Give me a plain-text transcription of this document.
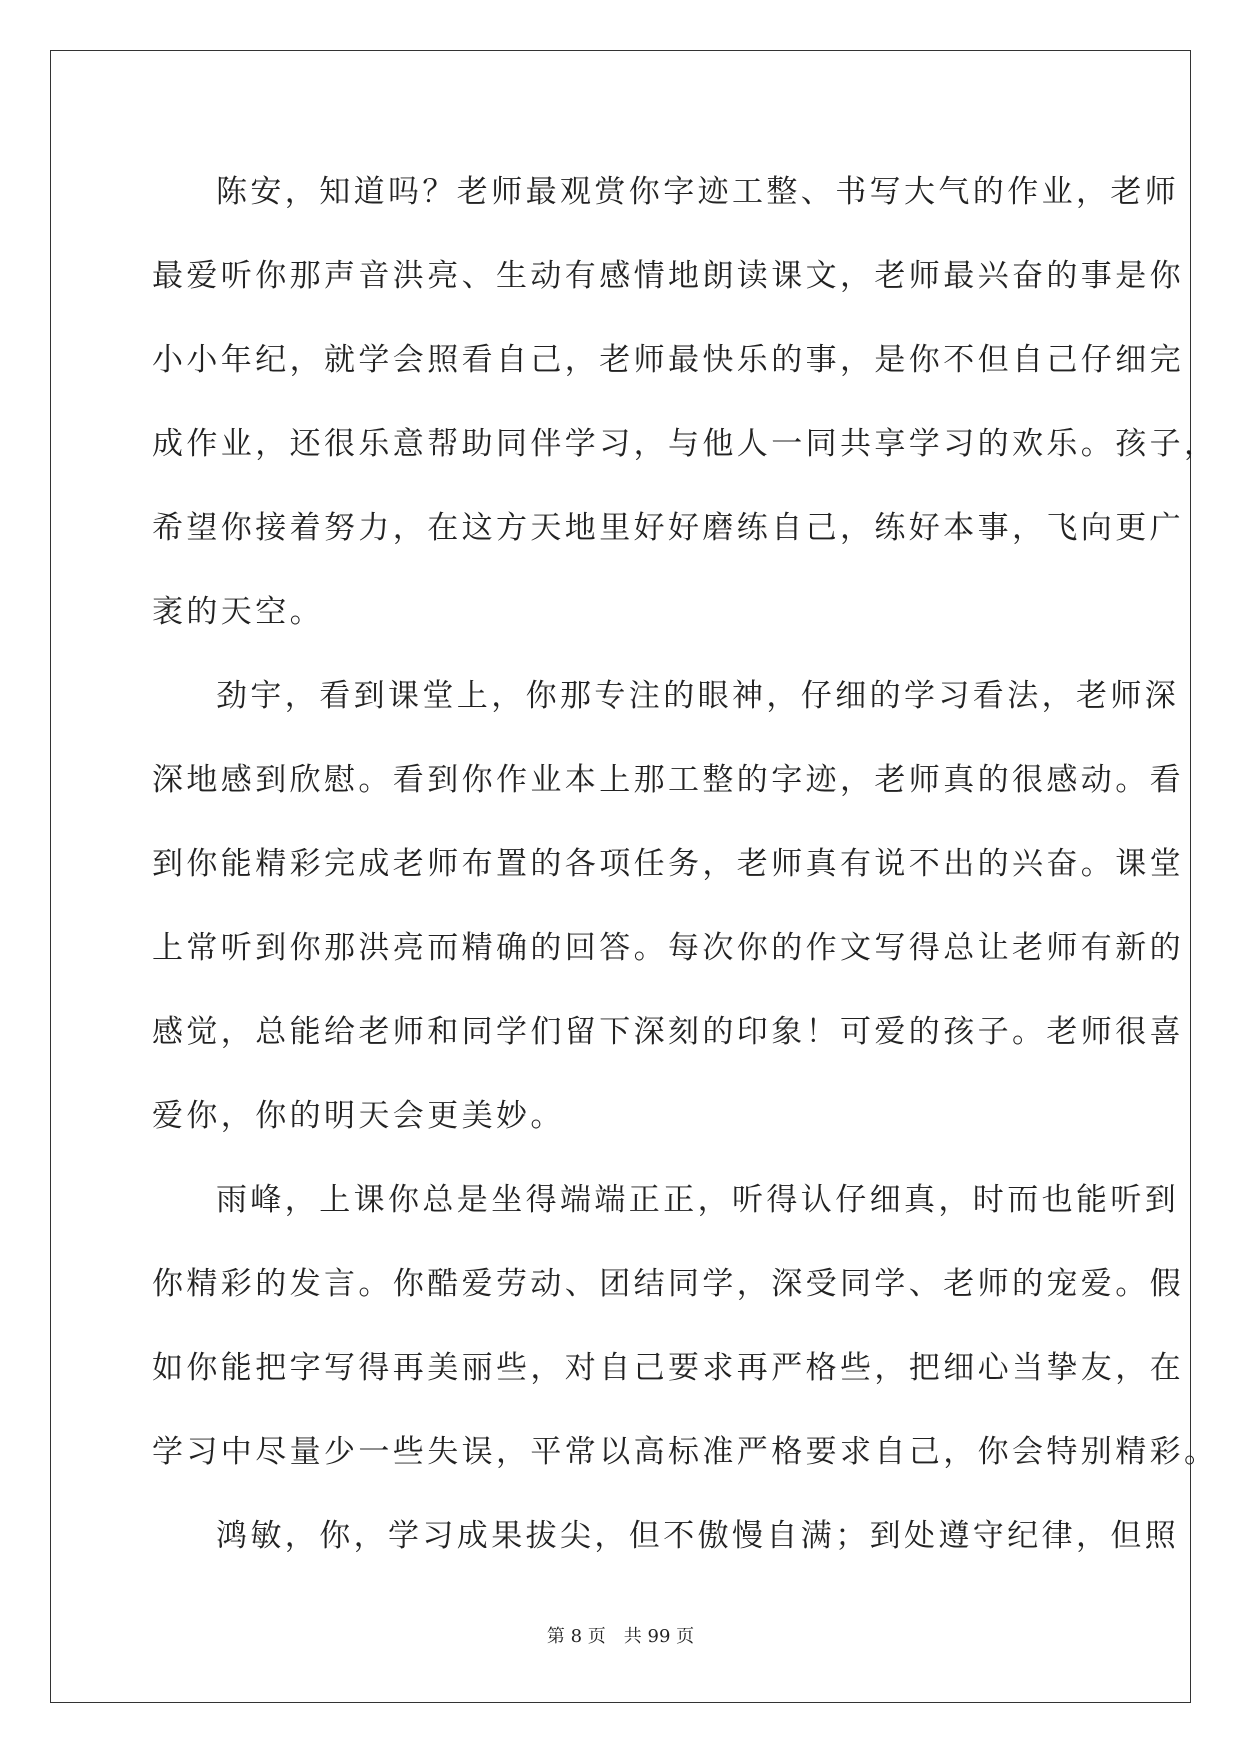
陈安，知道吗？老师最观赏你字迹工整、书写大气的作业，老师
最爱听你那声音洪亮、生动有感情地朗读课文，老师最兴奋的事是你
小小年纪，就学会照看自己，老师最快乐的事，是你不但自己仔细完
成作业，还很乐意帮助同伴学习，与他人一同共享学习的欢乐。孩子，
希望你接着努力，在这方天地里好好磨练自己，练好本事，飞向更广
袤的天空。
劲宇，看到课堂上，你那专注的眼神，仔细的学习看法，老师深
深地感到欣慰。看到你作业本上那工整的字迹，老师真的很感动。看
到你能精彩完成老师布置的各项任务，老师真有说不出的兴奋。课堂
上常听到你那洪亮而精确的回答。每次你的作文写得总让老师有新的
感觉，总能给老师和同学们留下深刻的印象！可爱的孩子。老师很喜
爱你，你的明天会更美妙。
雨峰，上课你总是坐得端端正正，听得认仔细真，时而也能听到
你精彩的发言。你酷爱劳动、团结同学，深受同学、老师的宠爱。假
如你能把字写得再美丽些，对自己要求再严格些，把细心当挚友，在
学习中尽量少一些失误，平常以高标准严格要求自己，你会特别精彩。
鸿敏，你，学习成果拔尖，但不傲慢自满；到处遵守纪律，但照
第 8 页 共 99 页
